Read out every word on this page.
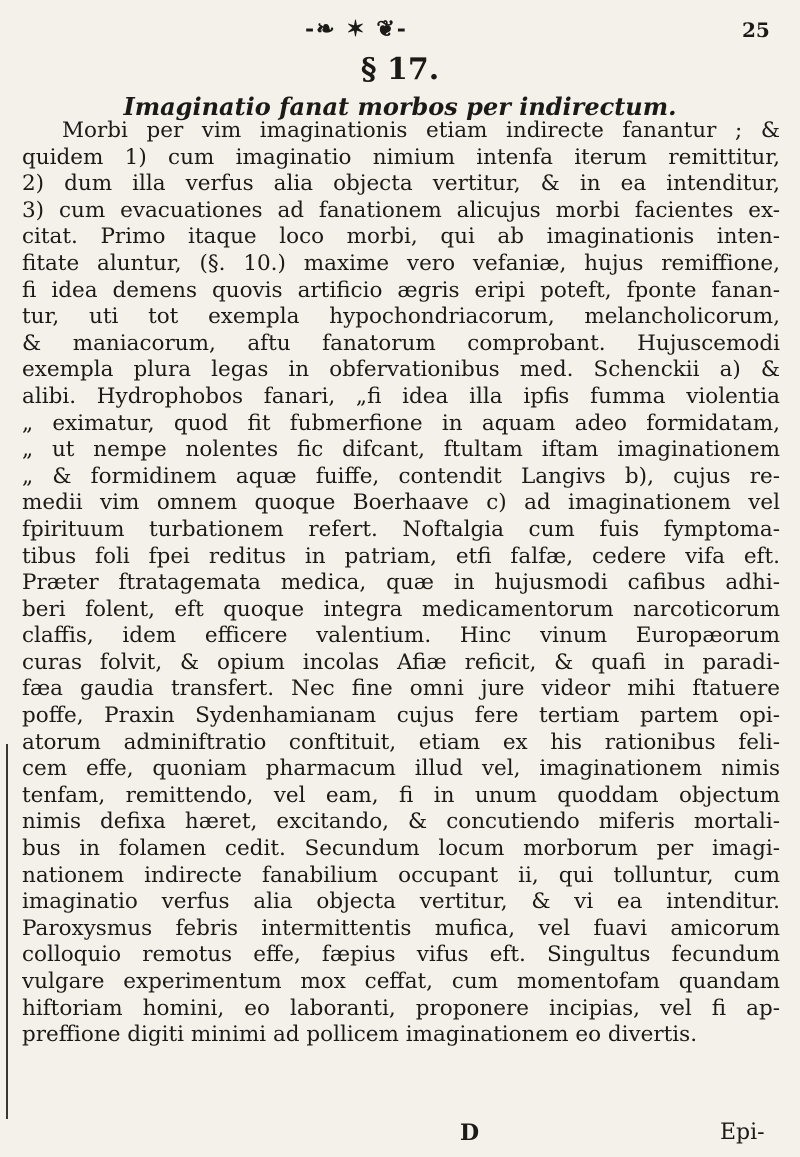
-❧ ✶ ❦-	25
§ 17.
Imaginatio fanat morbos per indirectum.
Morbi per vim imaginationis etiam indirecte fanantur ; &
quidem 1) cum imaginatio nimium intenfa iterum remittitur,
2) dum illa verfus alia objecta vertitur, & in ea intenditur,
3) cum evacuationes ad fanationem alicujus morbi facientes ex-
citat. Primo itaque loco morbi, qui ab imaginationis inten-
fitate aluntur, (§. 10.) maxime vero vefaniæ, hujus remiffione,
fi idea demens quovis artificio ægris eripi poteft, fponte fanan-
tur, uti tot exempla hypochondriacorum, melancholicorum,
& maniacorum, aftu fanatorum comprobant. Hujuscemodi
exempla plura legas in obfervationibus med. Schenckii a) &
alibi. Hydrophobos fanari, „fi idea illa ipfis fumma violentia
„ eximatur, quod fit fubmerfione in aquam adeo formidatam,
„ ut nempe nolentes fic difcant, ftultam iftam imaginationem
„ & formidinem aquæ fuiffe, contendit Langivs b), cujus re-
medii vim omnem quoque Boerhaave c) ad imaginationem vel
fpirituum turbationem refert. Noftalgia cum fuis fymptoma-
tibus foli fpei reditus in patriam, etfi falfæ, cedere vifa eft.
Præter ftratagemata medica, quæ in hujusmodi cafibus adhi-
beri folent, eft quoque integra medicamentorum narcoticorum
claffis, idem efficere valentium. Hinc vinum Europæorum
curas folvit, & opium incolas Afiæ reficit, & quafi in paradi-
fæa gaudia transfert. Nec fine omni jure videor mihi ftatuere
poffe, Praxin Sydenhamianam cujus fere tertiam partem opi-
atorum adminiftratio conftituit, etiam ex his rationibus feli-
cem effe, quoniam pharmacum illud vel, imaginationem nimis
tenfam, remittendo, vel eam, fi in unum quoddam objectum
nimis defixa hæret, excitando, & concutiendo miferis mortali-
bus in folamen cedit. Secundum locum morborum per imagi-
nationem indirecte fanabilium occupant ii, qui tolluntur, cum
imaginatio verfus alia objecta vertitur, & vi ea intenditur.
Paroxysmus febris intermittentis mufica, vel fuavi amicorum
colloquio remotus effe, fæpius vifus eft. Singultus fecundum
vulgare experimentum mox ceffat, cum momentofam quandam
hiftoriam homini, eo laboranti, proponere incipias, vel fi ap-
preffione digiti minimi ad pollicem imaginationem eo divertis.
D	Epi-
